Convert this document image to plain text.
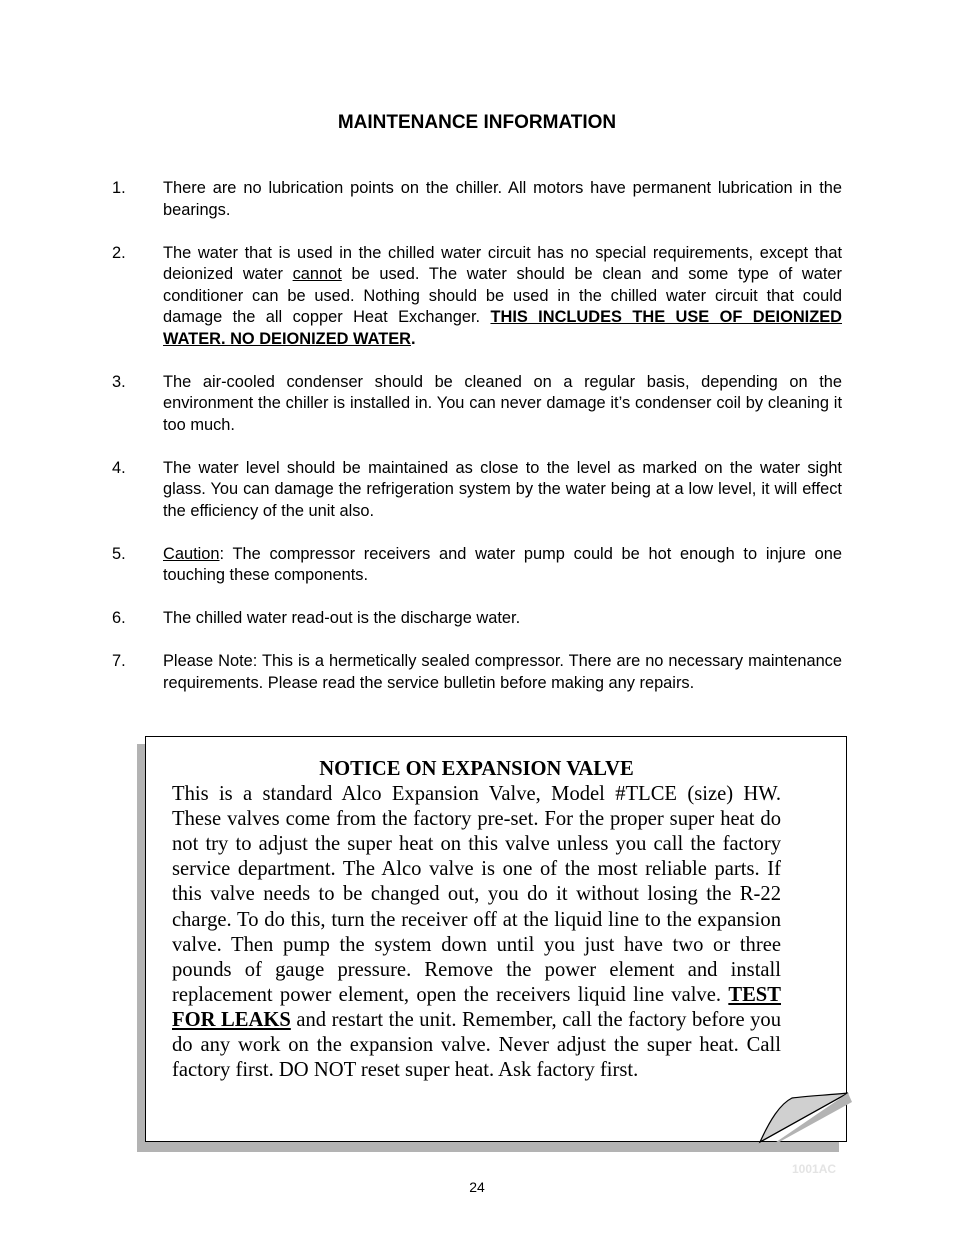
MAINTENANCE INFORMATION
1.	There are no lubrication points on the chiller. All motors have permanent lubrication in the bearings.
2.	The water that is used in the chilled water circuit has no special requirements, except that deionized water cannot be used. The water should be clean and some type of water conditioner can be used. Nothing should be used in the chilled water circuit that could damage the all copper Heat Exchanger. THIS INCLUDES THE USE OF DEIONIZED WATER. NO DEIONIZED WATER.
3.	The air-cooled condenser should be cleaned on a regular basis, depending on the environment the chiller is installed in. You can never damage it’s condenser coil by cleaning it too much.
4.	The water level should be maintained as close to the level as marked on the water sight glass. You can damage the refrigeration system by the water being at a low level, it will effect the efficiency of the unit also.
5.	Caution: The compressor receivers and water pump could be hot enough to injure one touching these components.
6.	The chilled water read-out is the discharge water.
7.	Please Note: This is a hermetically sealed compressor. There are no necessary maintenance requirements. Please read the service bulletin before making any repairs.
NOTICE ON EXPANSION VALVE
This is a standard Alco Expansion Valve, Model #TLCE (size) HW. These valves come from the factory pre-set. For the proper super heat do not try to adjust the super heat on this valve unless you call the factory service department. The Alco valve is one of the most reliable parts. If this valve needs to be changed out, you do it without losing the R-22 charge. To do this, turn the receiver off at the liquid line to the expansion valve. Then pump the system down until you just have two or three pounds of gauge pressure. Remove the power element and install replacement power element, open the receivers liquid line valve. TEST FOR LEAKS and restart the unit. Remember, call the factory before you do any work on the expansion valve. Never adjust the super heat. Call factory first. DO NOT reset super heat. Ask factory first.
24
1001AC
